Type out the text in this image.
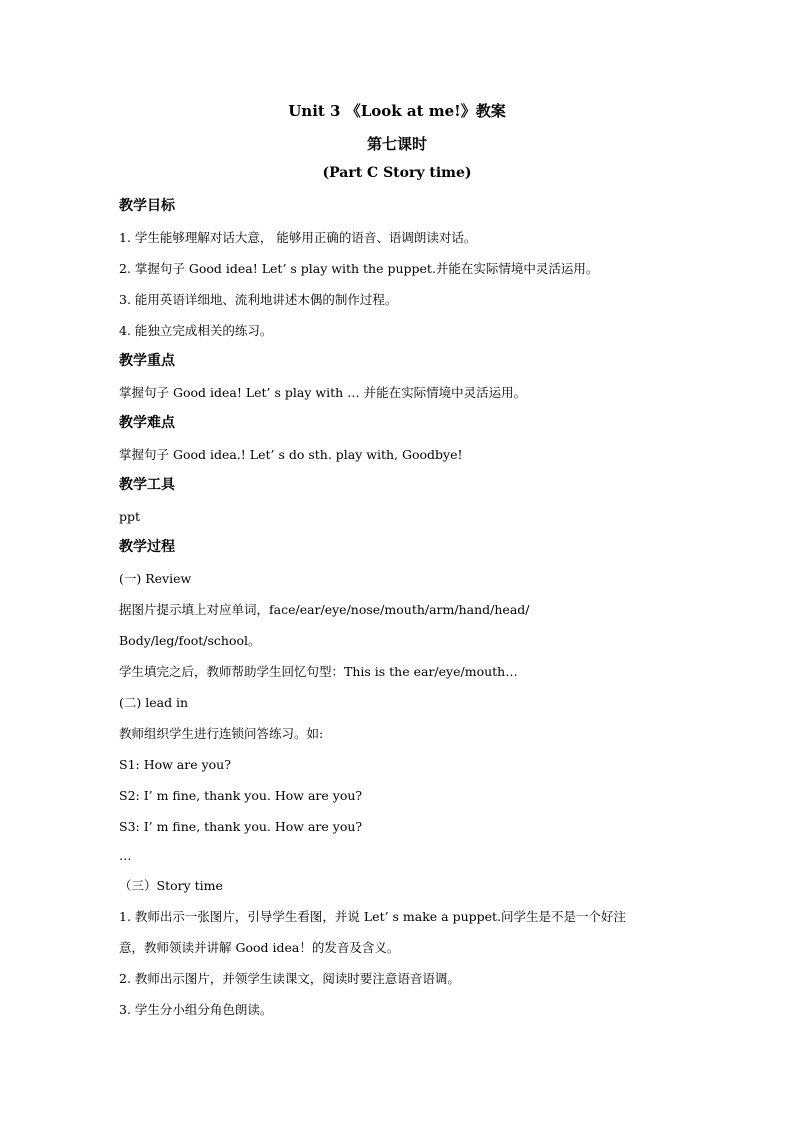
Unit 3 《Look at me!》教案
第七课时
(Part C Story time)
教学目标
1. 学生能够理解对话大意， 能够用正确的语音、语调朗读对话。
2. 掌握句子 Good idea! Let’ s play with the puppet.并能在实际情境中灵活运用。
3. 能用英语详细地、流利地讲述木偶的制作过程。
4. 能独立完成相关的练习。
教学重点
掌握句子 Good idea! Let’ s play with … 并能在实际情境中灵活运用。
教学难点
掌握句子 Good idea.! Let’ s do sth. play with, Goodbye!
教学工具
ppt
教学过程
(一) Review
据图片提示填上对应单词，face/ear/eye/nose/mouth/arm/hand/head/
Body/leg/foot/school。
学生填完之后，教师帮助学生回忆句型：This is the ear/eye/mouth…
(二) lead in
教师组织学生进行连锁问答练习。如:
S1: How are you?
S2: I’ m fine, thank you. How are you?
S3: I’ m fine, thank you. How are you?
…
（三）Story time
1. 教师出示一张图片，引导学生看图，并说 Let’ s make a puppet.问学生是不是一个好注
意，教师领读并讲解 Good idea！的发音及含义。
2. 教师出示图片，并领学生读课文，阅读时要注意语音语调。
3. 学生分小组分角色朗读。
